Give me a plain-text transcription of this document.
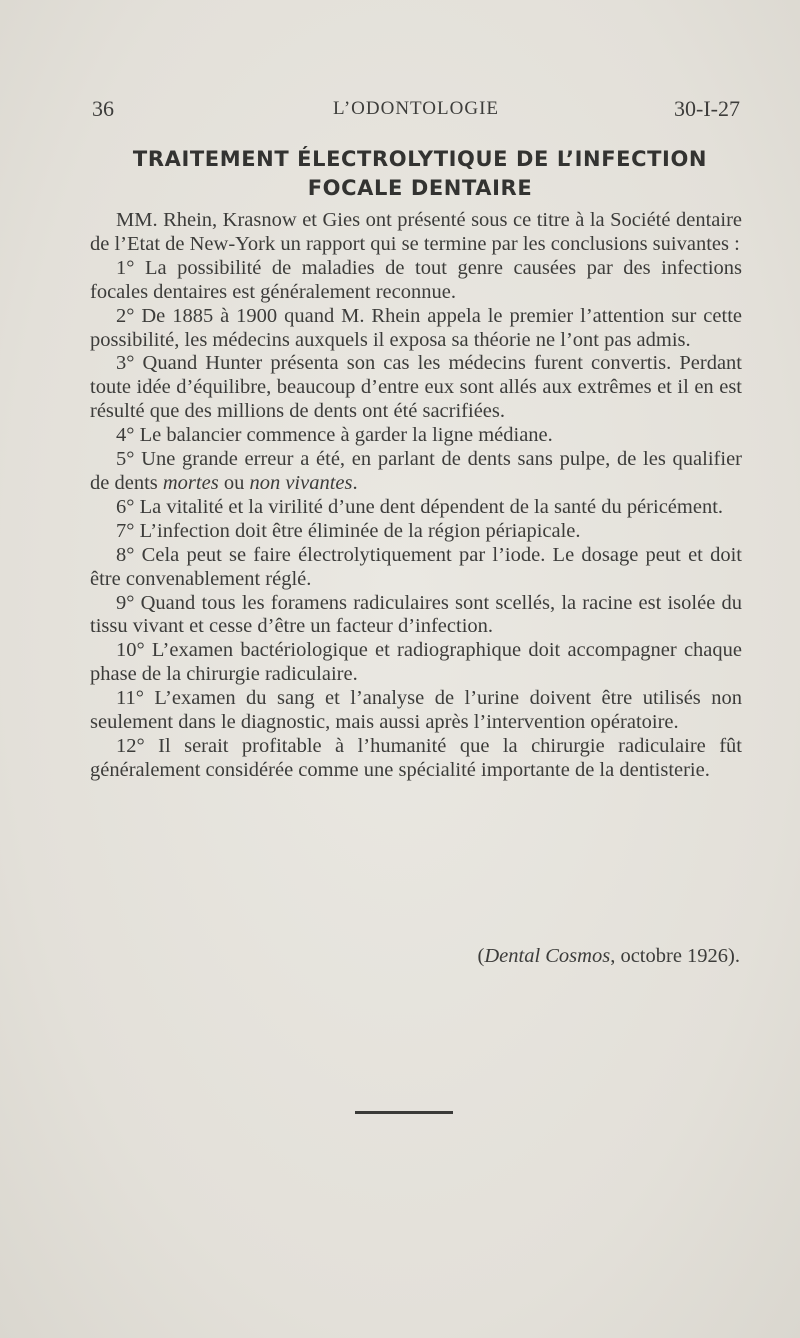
36	L’ODONTOLOGIE	30-I-27
TRAITEMENT ÉLECTROLYTIQUE DE L’INFECTION
FOCALE DENTAIRE

MM. Rhein, Krasnow et Gies ont présenté sous ce titre à la Société dentaire de l’Etat de New-York un rapport qui se termine par les conclusions suivantes :

1° La possibilité de maladies de tout genre causées par des infections focales dentaires est généralement reconnue.

2° De 1885 à 1900 quand M. Rhein appela le premier l’attention sur cette possibilité, les médecins auxquels il exposa sa théorie ne l’ont pas admis.

3° Quand Hunter présenta son cas les médecins furent convertis. Perdant toute idée d’équilibre, beaucoup d’entre eux sont allés aux extrêmes et il en est résulté que des millions de dents ont été sacrifiées.

4° Le balancier commence à garder la ligne médiane.

5° Une grande erreur a été, en parlant de dents sans pulpe, de les qualifier de dents mortes ou non vivantes.

6° La vitalité et la virilité d’une dent dépendent de la santé du péricément.

7° L’infection doit être éliminée de la région périapicale.

8° Cela peut se faire électrolytiquement par l’iode. Le dosage peut et doit être convenablement réglé.

9° Quand tous les foramens radiculaires sont scellés, la racine est isolée du tissu vivant et cesse d’être un facteur d’infection.

10° L’examen bactériologique et radiographique doit accompagner chaque phase de la chirurgie radiculaire.

11° L’examen du sang et l’analyse de l’urine doivent être utilisés non seulement dans le diagnostic, mais aussi après l’intervention opératoire.

12° Il serait profitable à l’humanité que la chirurgie radiculaire fût généralement considérée comme une spécialité importante de la dentisterie.

(Dental Cosmos, octobre 1926).
